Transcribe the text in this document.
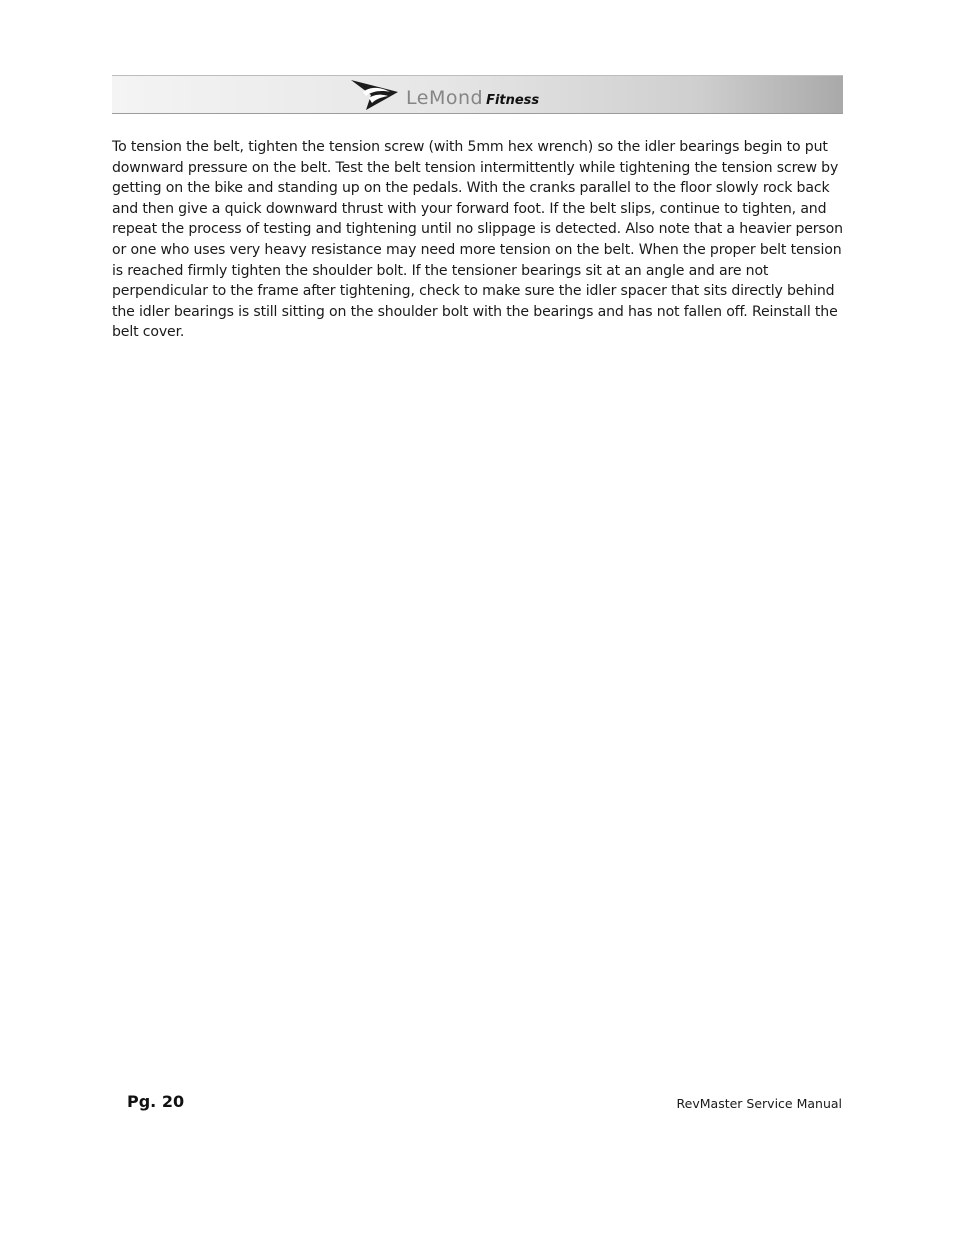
LeMond Fitness

To tension the belt, tighten the tension screw (with 5mm hex wrench) so the idler bearings begin to put downward pressure on the belt. Test the belt tension intermittently while tightening the tension screw by getting on the bike and standing up on the pedals. With the cranks parallel to the floor slowly rock back and then give a quick downward thrust with your forward foot. If the belt slips, continue to tighten, and repeat the process of testing and tightening until no slippage is detected. Also note that a heavier person or one who uses very heavy resistance may need more tension on the belt. When the proper belt tension is reached firmly tighten the shoulder bolt. If the tensioner bearings sit at an angle and are not perpendicular to the frame after tightening, check to make sure the idler spacer that sits directly behind the idler bearings is still sitting on the shoulder bolt with the bearings and has not fallen off. Reinstall the belt cover.

Pg. 20	RevMaster Service Manual
